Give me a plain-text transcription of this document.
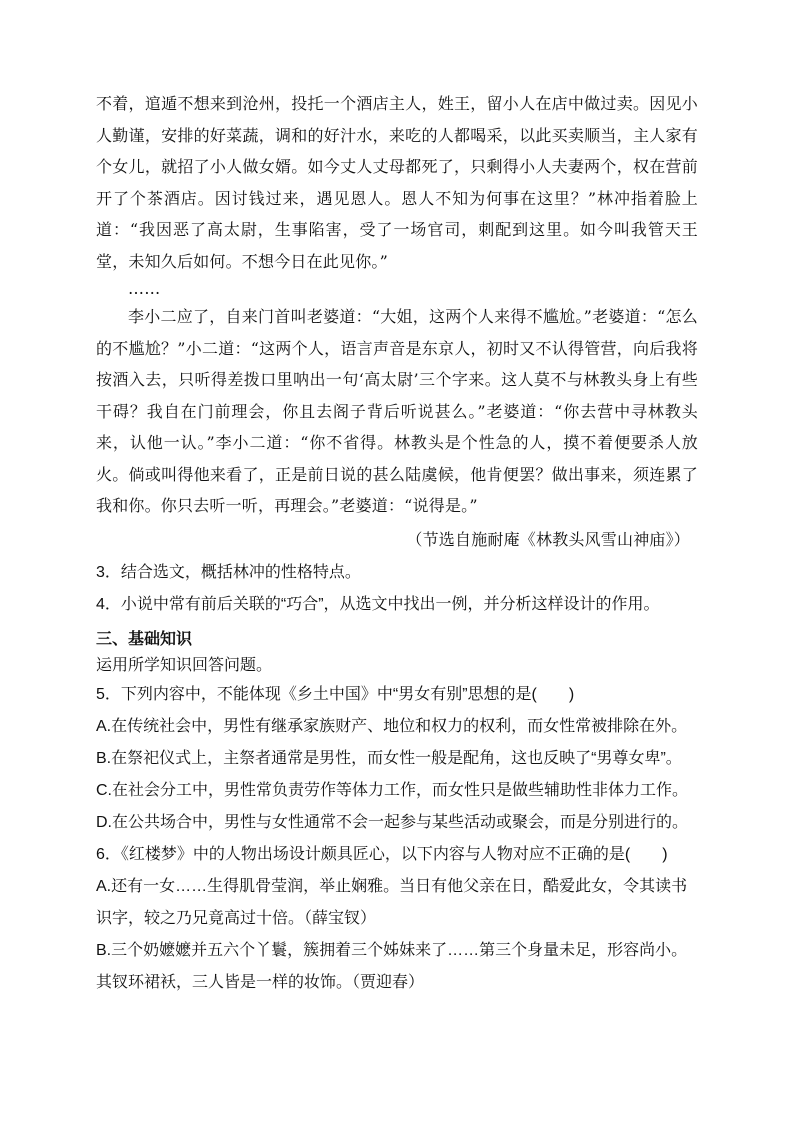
不着，逭遁不想来到沧州，投托一个酒店主人，姓王，留小人在店中做过卖。因见小人勤谨，安排的好菜蔬，调和的好汁水，来吃的人都喝采，以此买卖顺当，主人家有个女儿，就招了小人做女婿。如今丈人丈母都死了，只剩得小人夫妻两个，权在营前开了个茶酒店。因讨钱过来，遇见恩人。恩人不知为何事在这里？”林冲指着脸上道：“我因恶了高太尉，生事陷害，受了一场官司，刺配到这里。如今叫我管天王堂，未知久后如何。不想今日在此见你。”

……

李小二应了，自来门首叫老婆道：“大姐，这两个人来得不尴尬。”老婆道：“怎么的不尴尬？”小二道：“这两个人，语言声音是东京人，初时又不认得管营，向后我将按酒入去，只听得差拨口里呐出一句‘高太尉’三个字来。这人莫不与林教头身上有些干碍？我自在门前理会，你且去阁子背后听说甚么。”老婆道：“你去营中寻林教头来，认他一认。”李小二道：“你不省得。林教头是个性急的人，摸不着便要杀人放火。倘或叫得他来看了，正是前日说的甚么陆虞候，他肯便罢？做出事来，须连累了我和你。你只去听一听，再理会。”老婆道：“说得是。”

（节选自施耐庵《林教头风雪山神庙》）

3．结合选文，概括林冲的性格特点。

4．小说中常有前后关联的“巧合”，从选文中找出一例，并分析这样设计的作用。

三、基础知识

运用所学知识回答问题。

5．下列内容中，不能体现《乡土中国》中“男女有别”思想的是(　　)

A.在传统社会中，男性有继承家族财产、地位和权力的权利，而女性常被排除在外。

B.在祭祀仪式上，主祭者通常是男性，而女性一般是配角，这也反映了“男尊女卑”。

C.在社会分工中，男性常负责劳作等体力工作，而女性只是做些辅助性非体力工作。

D.在公共场合中，男性与女性通常不会一起参与某些活动或聚会，而是分别进行的。

6．《红楼梦》中的人物出场设计颇具匠心，以下内容与人物对应不正确的是(　　)

A.还有一女……生得肌骨莹润，举止娴雅。当日有他父亲在日，酷爱此女，令其读书识字，较之乃兄竟高过十倍。（薛宝钗）

B.三个奶嬷嬷并五六个丫鬟，簇拥着三个姊妹来了……第三个身量未足，形容尚小。其钗环裙袄，三人皆是一样的妆饰。（贾迎春）
